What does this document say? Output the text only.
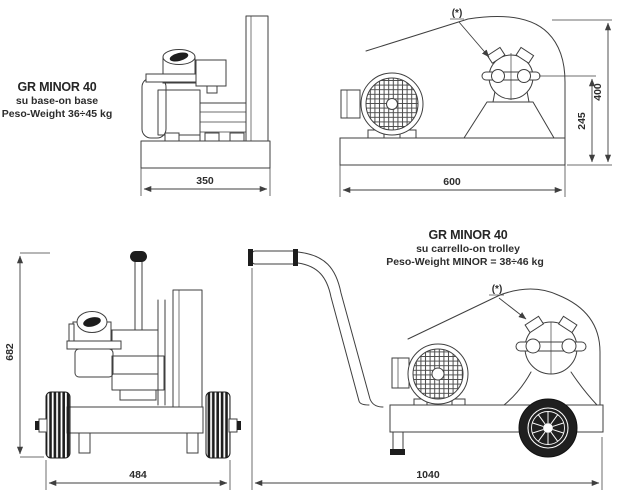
GR MINOR 40
su base-on base
Peso-Weight 36÷45 kg
350
(*)
600
400
245
GR MINOR 40
su carrello-on trolley
Peso-Weight MINOR = 38÷46 kg
682
484
(*)
1040
